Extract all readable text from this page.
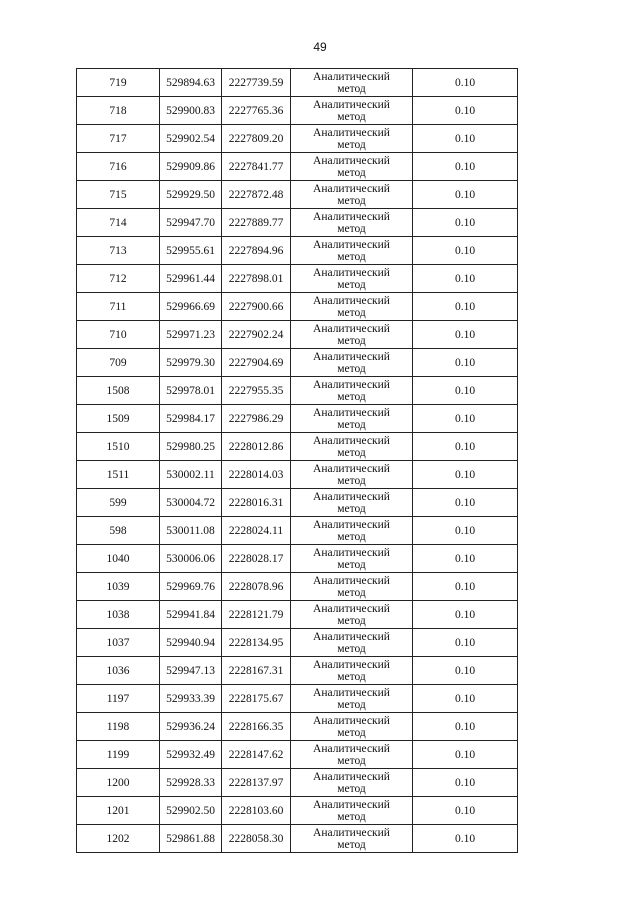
49
719	529894.63	2227739.59	Аналитический метод	0.10
718	529900.83	2227765.36	Аналитический метод	0.10
717	529902.54	2227809.20	Аналитический метод	0.10
716	529909.86	2227841.77	Аналитический метод	0.10
715	529929.50	2227872.48	Аналитический метод	0.10
714	529947.70	2227889.77	Аналитический метод	0.10
713	529955.61	2227894.96	Аналитический метод	0.10
712	529961.44	2227898.01	Аналитический метод	0.10
711	529966.69	2227900.66	Аналитический метод	0.10
710	529971.23	2227902.24	Аналитический метод	0.10
709	529979.30	2227904.69	Аналитический метод	0.10
1508	529978.01	2227955.35	Аналитический метод	0.10
1509	529984.17	2227986.29	Аналитический метод	0.10
1510	529980.25	2228012.86	Аналитический метод	0.10
1511	530002.11	2228014.03	Аналитический метод	0.10
599	530004.72	2228016.31	Аналитический метод	0.10
598	530011.08	2228024.11	Аналитический метод	0.10
1040	530006.06	2228028.17	Аналитический метод	0.10
1039	529969.76	2228078.96	Аналитический метод	0.10
1038	529941.84	2228121.79	Аналитический метод	0.10
1037	529940.94	2228134.95	Аналитический метод	0.10
1036	529947.13	2228167.31	Аналитический метод	0.10
1197	529933.39	2228175.67	Аналитический метод	0.10
1198	529936.24	2228166.35	Аналитический метод	0.10
1199	529932.49	2228147.62	Аналитический метод	0.10
1200	529928.33	2228137.97	Аналитический метод	0.10
1201	529902.50	2228103.60	Аналитический метод	0.10
1202	529861.88	2228058.30	Аналитический метод	0.10
